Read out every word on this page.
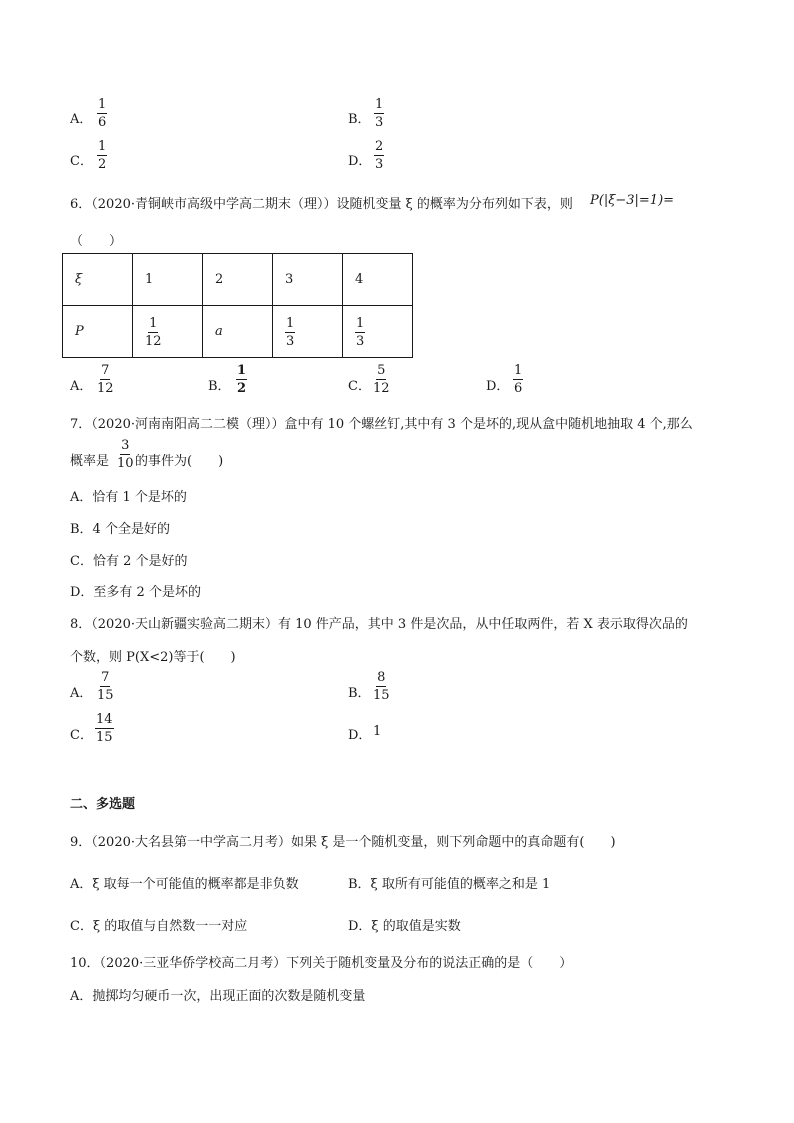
A． $\frac{1}{6}$	B． $\frac{1}{3}$
C． $\frac{1}{2}$	D． $\frac{2}{3}$
6．（2020·青铜峡市高级中学高二期末（理））设随机变量 ξ 的概率为分布列如下表，则 P(|ξ−3|=1)=
（　　）
ξ	1	2	3	4
P	$\frac{1}{12}$	a	$\frac{1}{3}$	$\frac{1}{3}$
A． $\frac{7}{12}$	B． $\frac{1}{2}$	C． $\frac{5}{12}$	D． $\frac{1}{6}$
7．（2020·河南南阳高二二模（理））盒中有 10 个螺丝钉,其中有 3 个是坏的,现从盒中随机地抽取 4 个,那么
概率是 $\frac{3}{10}$ 的事件为(　　)
A．恰有 1 个是坏的
B．4 个全是好的
C．恰有 2 个是好的
D．至多有 2 个是坏的
8．（2020·天山新疆实验高二期末）有 10 件产品，其中 3 件是次品，从中任取两件，若 X 表示取得次品的
个数，则 P(X<2)等于(　　)
A． $\frac{7}{15}$	B． $\frac{8}{15}$
C． $\frac{14}{15}$	D． 1
二、多选题
9．（2020·大名县第一中学高二月考）如果 ξ 是一个随机变量，则下列命题中的真命题有(　　)
A．ξ 取每一个可能值的概率都是非负数	B．ξ 取所有可能值的概率之和是 1
C．ξ 的取值与自然数一一对应	D．ξ 的取值是实数
10．（2020·三亚华侨学校高二月考）下列关于随机变量及分布的说法正确的是（　　）
A．抛掷均匀硬币一次，出现正面的次数是随机变量
